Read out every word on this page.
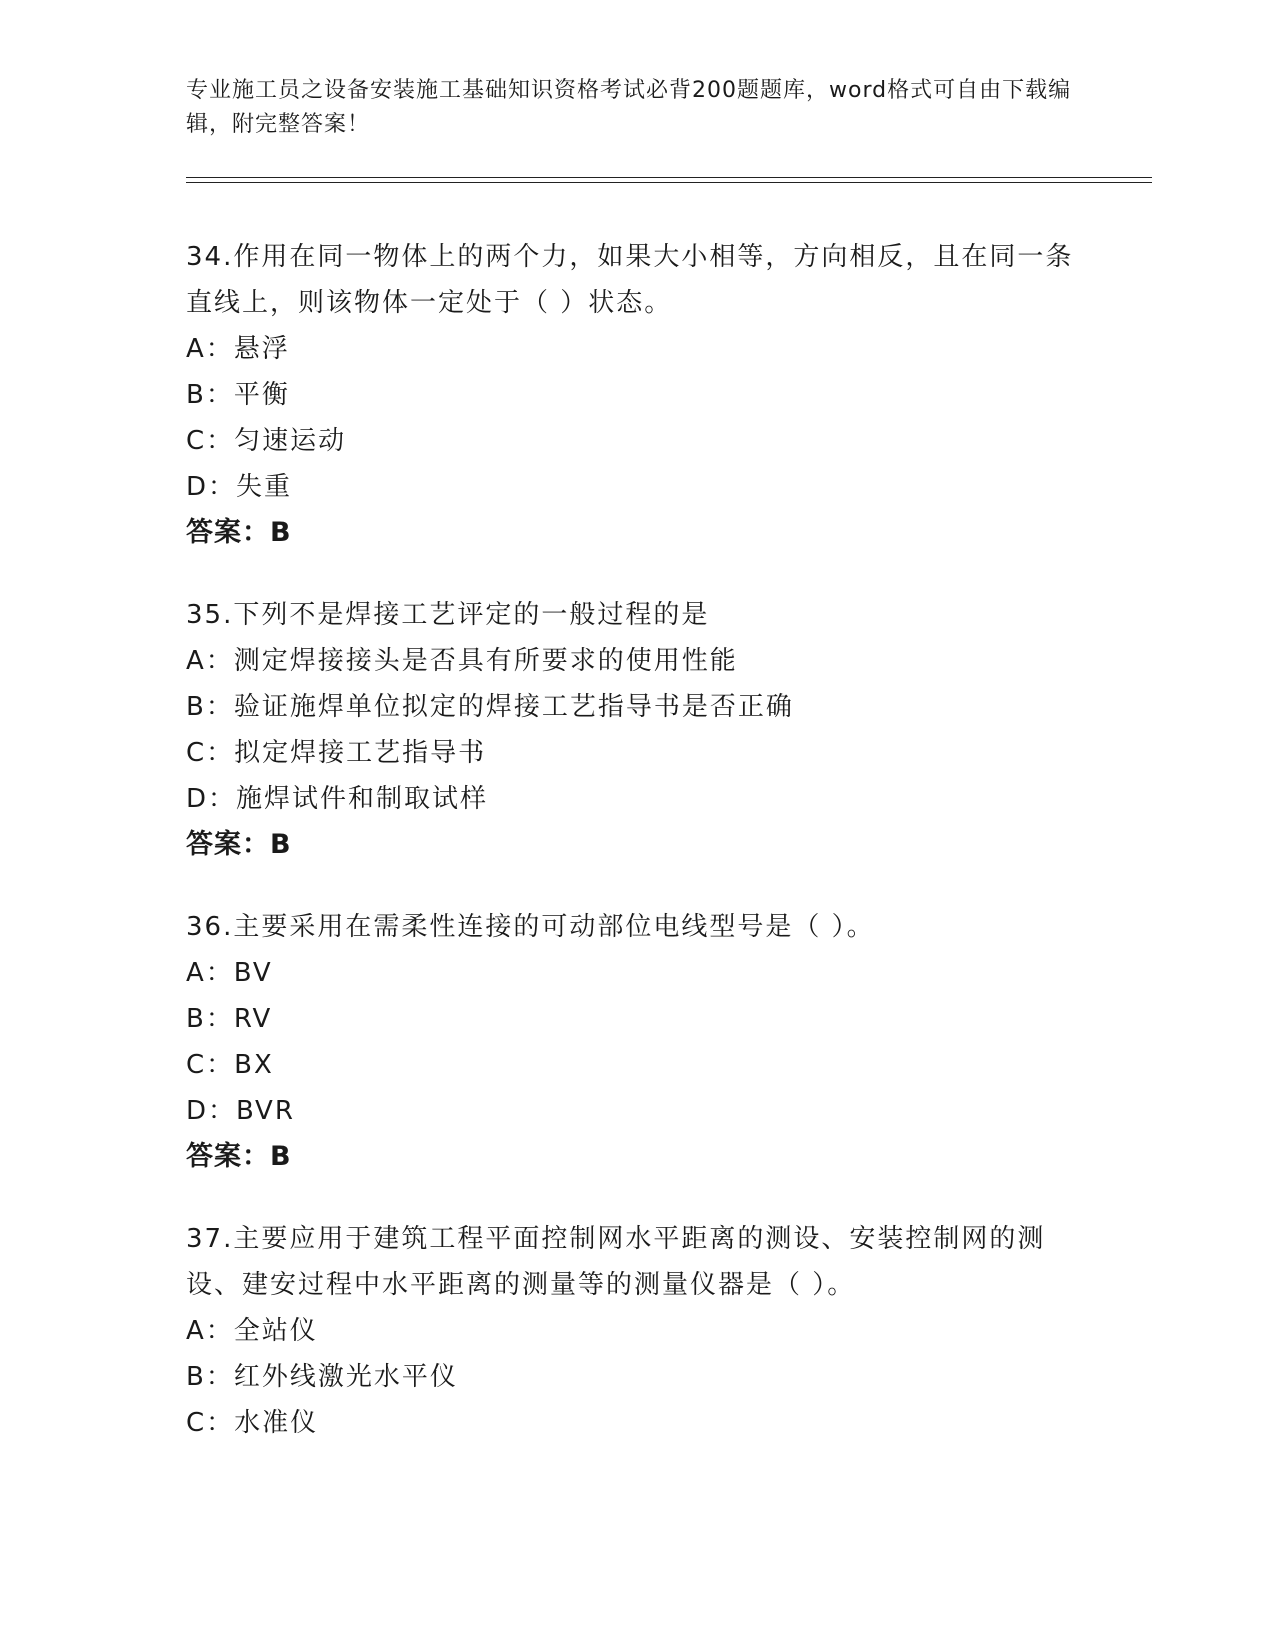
专业施工员之设备安装施工基础知识资格考试必背200题题库，word格式可自由下载编辑，附完整答案！
34.作用在同一物体上的两个力，如果大小相等，方向相反，且在同一条直线上，则该物体一定处于（ ）状态。
A：悬浮
B：平衡
C：匀速运动
D：失重
答案：B
35.下列不是焊接工艺评定的一般过程的是
A：测定焊接接头是否具有所要求的使用性能
B：验证施焊单位拟定的焊接工艺指导书是否正确
C：拟定焊接工艺指导书
D：施焊试件和制取试样
答案：B
36.主要采用在需柔性连接的可动部位电线型号是（ ）。
A：BV
B：RV
C：BX
D：BVR
答案：B
37.主要应用于建筑工程平面控制网水平距离的测设、安装控制网的测设、建安过程中水平距离的测量等的测量仪器是（ ）。
A：全站仪
B：红外线激光水平仪
C：水准仪
